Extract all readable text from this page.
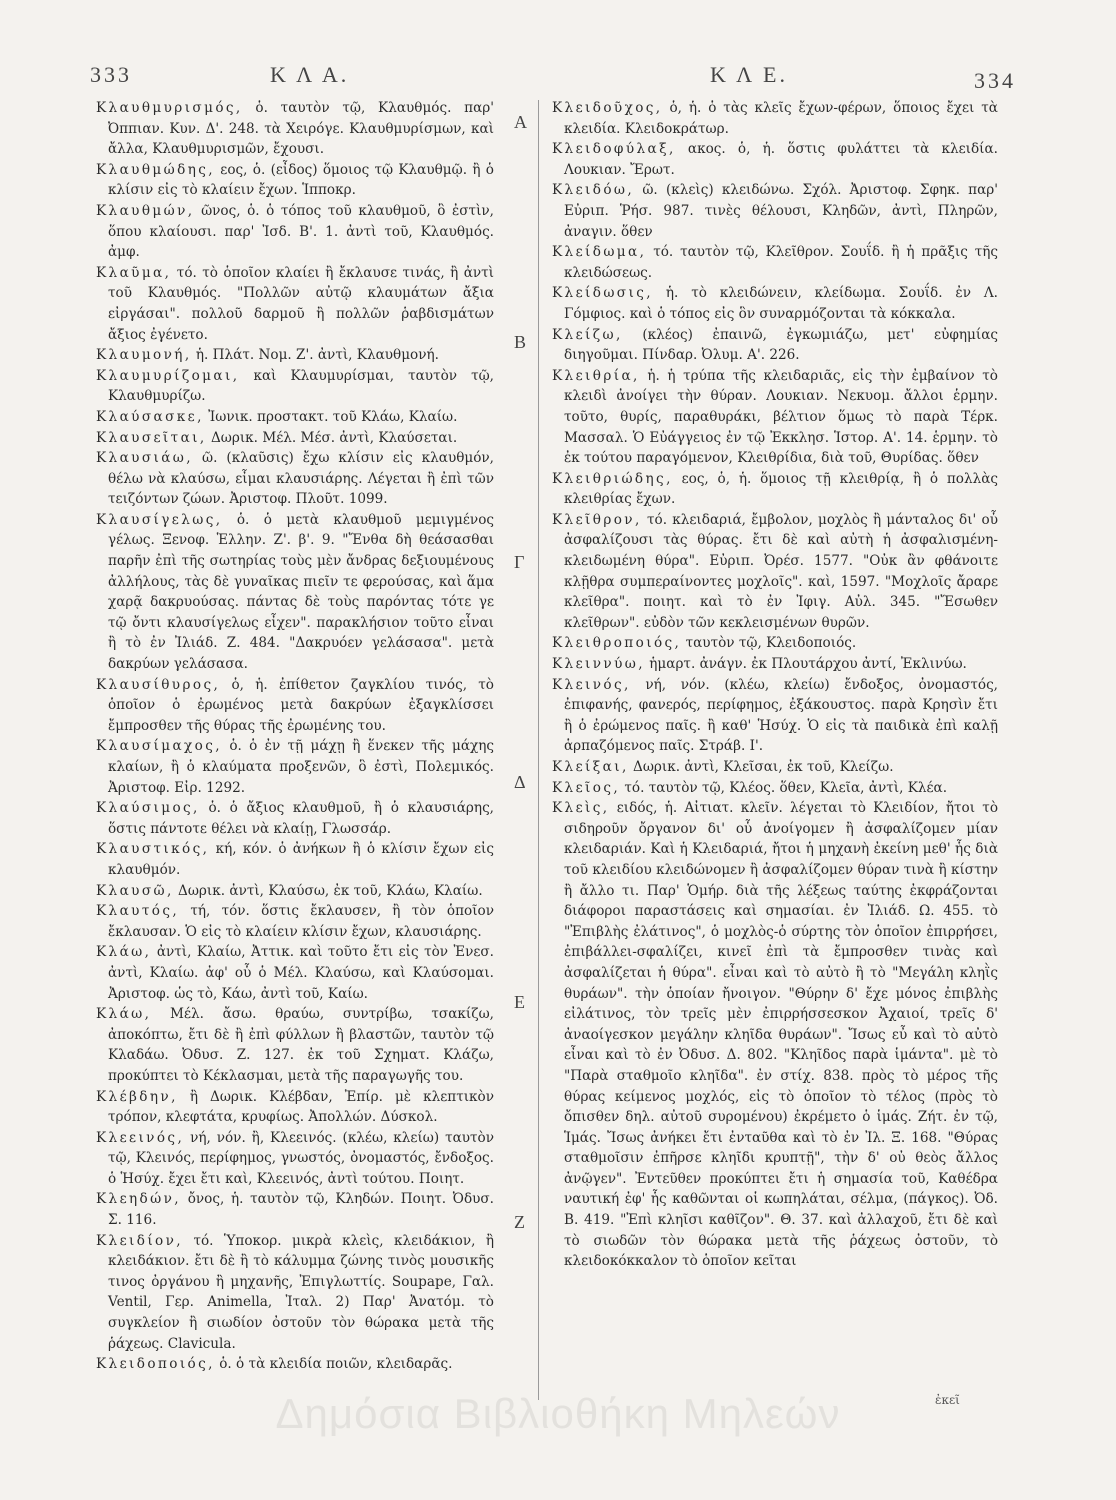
333	Κ Λ Α.	Κ Λ Ε.	334
Κλαυθμυρισμός, ὁ. ταυτὸν τῷ, Κλαυθμός. παρ' Ὀππιαν. Κυν. Δ'. 248. τὰ Χειρόγε. Κλαυθμυρίσμων, καὶ ἄλλα, Κλαυθμυρισμῶν, ἔχουσι.
Κλαυθμώδης, εος, ὁ. (εἶδος) ὅμοιος τῷ Κλαυθμῷ. ἢ ὁ κλίσιν εἰς τὸ κλαίειν ἔχων. Ἱπποκρ.
Κλαυθμών, ῶνος, ὁ. ὁ τόπος τοῦ κλαυθμοῦ, ὃ ἐστὶν, ὅπου κλαίουσι. παρ' Ἰσδ. Β'. 1. ἀντὶ τοῦ, Κλαυθμός. ἀμφ.
Κλαῦμα, τό. τὸ ὁποῖον κλαίει ἢ ἔκλαυσε τινάς, ἢ ἀντὶ τοῦ Κλαυθμός. "Πολλῶν αὐτῷ κλαυμάτων ἄξια εἰργάσαι". πολλοῦ δαρμοῦ ἢ πολλῶν ῥαβδισμάτων ἄξιος ἐγένετο.
Κλαυμονή, ἡ. Πλάτ. Νομ. Ζ'. ἀντὶ, Κλαυθμονή.
Κλαυμυρίζομαι, καὶ Κλαυμυρίσμαι, ταυτὸν τῷ, Κλαυθμυρίζω.
Κλαύσασκε, Ἰωνικ. προστακτ. τοῦ Κλάω, Κλαίω.
Κλαυσεῖται, Δωρικ. Μέλ. Μέσ. ἀντὶ, Κλαύσεται.
Κλαυσιάω, ῶ. (κλαῦσις) ἔχω κλίσιν εἰς κλαυθμόν, θέλω νὰ κλαύσω, εἶμαι κλαυσιάρης. Λέγεται ἢ ἐπὶ τῶν τειζόντων ζώων. Ἀριστοφ. Πλοῦτ. 1099.
Κλαυσίγελως, ὁ. ὁ μετὰ κλαυθμοῦ μεμιγμένος γέλως. Ξενοφ. Ἑλλην. Ζ'. β'. 9. "Ἔνθα δὴ θεάσασθαι παρῆν ἐπὶ τῆς σωτηρίας τοὺς μὲν ἄνδρας δεξιουμένους ἀλλήλους, τὰς δὲ γυναῖκας πιεῖν τε φερούσας, καὶ ἅμα χαρᾷ δακρυούσας. πάντας δὲ τοὺς παρόντας τότε γε τῷ ὄντι κλαυσίγελως εἶχεν". παρακλήσιον τοῦτο εἶναι ἢ τὸ ἐν Ἰλιάδ. Ζ. 484. "Δακρυόεν γελάσασα". μετὰ δακρύων γελάσασα.
Κλαυσίθυρος, ὁ, ἡ. ἐπίθετον ζαγκλίου τινός, τὸ ὁποῖον ὁ ἐρωμένος μετὰ δακρύων ἐξαγκλίσσει ἔμπροσθεν τῆς θύρας τῆς ἐρωμένης του.
Κλαυσίμαχος, ὁ. ὁ ἐν τῇ μάχῃ ἢ ἕνεκεν τῆς μάχης κλαίων, ἢ ὁ κλαύματα προξενῶν, ὃ ἐστὶ, Πολεμικός. Ἀριστοφ. Εἰρ. 1292.
Κλαύσιμος, ὁ. ὁ ἄξιος κλαυθμοῦ, ἢ ὁ κλαυσιάρης, ὅστις πάντοτε θέλει νὰ κλαίῃ, Γλωσσάρ.
Κλαυστικός, κή, κόν. ὁ ἀνήκων ἢ ὁ κλίσιν ἔχων εἰς κλαυθμόν.
Κλαυσῶ, Δωρικ. ἀντὶ, Κλαύσω, ἐκ τοῦ, Κλάω, Κλαίω.
Κλαυτός, τή, τόν. ὅστις ἔκλαυσεν, ἢ τὸν ὁποῖον ἔκλαυσαν. Ὁ εἰς τὸ κλαίειν κλίσιν ἔχων, κλαυσιάρης.
Κλάω, ἀντὶ, Κλαίω, Ἀττικ. καὶ τοῦτο ἔτι εἰς τὸν Ἐνεσ. ἀντὶ, Κλαίω. ἀφ' οὗ ὁ Μέλ. Κλαύσω, καὶ Κλαύσομαι. Ἀριστοφ. ὡς τὸ, Κάω, ἀντὶ τοῦ, Καίω.
Κλάω, Μέλ. ἄσω. θραύω, συντρίβω, τσακίζω, ἀποκόπτω, ἔτι δὲ ἢ ἐπὶ φύλλων ἢ βλαστῶν, ταυτὸν τῷ Κλαδάω. Ὀδυσ. Ζ. 127. ἐκ τοῦ Σχηματ. Κλάζω, προκύπτει τὸ Κέκλασμαι, μετὰ τῆς παραγωγῆς του.
Κλέβδην, ἢ Δωρικ. Κλέβδαν, Ἐπίρ. μὲ κλεπτικὸν τρόπον, κλεφτάτα, κρυφίως. Ἀπολλών. Δύσκολ.
Κλεεινός, νή, νόν. ἢ, Κλεεινός. (κλέω, κλείω) ταυτὸν τῷ, Κλεινός, περίφημος, γνωστός, ὀνομαστός, ἔνδοξος. ὁ Ἡσύχ. ἔχει ἔτι καὶ, Κλεεινός, ἀντὶ τούτου. Ποιητ.
Κλεηδών, ὄνος, ἡ. ταυτὸν τῷ, Κληδών. Ποιητ. Ὀδυσ. Σ. 116.
Κλειδίον, τό. Ὑποκορ. μικρὰ κλεὶς, κλειδάκιον, ἢ κλειδάκιον. ἔτι δὲ ἢ τὸ κάλυμμα ζώνης τινὸς μουσικῆς τινος ὀργάνου ἢ μηχανῆς, Ἐπιγλωττίς. Soupape, Γαλ. Ventil, Γερ. Animella, Ἰταλ. 2) Παρ' Ἀνατόμ. τὸ συγκλείον ἢ σιωδίον ὀστοῦν τὸν θώρακα μετὰ τῆς ῥάχεως. Clavicula.
Κλειδοποιός, ὁ. ὁ τὰ κλειδία ποιῶν, κλειδαρᾶς.
Α
Β
Γ
Δ
Ε
Ζ
Κλειδοῦχος, ὁ, ἡ. ὁ τὰς κλεῖς ἔχων-φέρων, ὅποιος ἔχει τὰ κλειδία. Κλειδοκράτωρ.
Κλειδοφύλαξ, ακος. ὁ, ἡ. ὅστις φυλάττει τὰ κλειδία. Λουκιαν. Ἔρωτ.
Κλειδόω, ῶ. (κλεὶς) κλειδώνω. Σχόλ. Ἀριστοφ. Σφηκ. παρ' Εὐριπ. Ῥήσ. 987. τινὲς θέλουσι, Κληδῶν, ἀντὶ, Πληρῶν, ἀναγιν. ὅθεν
Κλείδωμα, τό. ταυτὸν τῷ, Κλεῖθρον. Σουΐδ. ἢ ἡ πρᾶξις τῆς κλειδώσεως.
Κλείδωσις, ἡ. τὸ κλειδώνειν, κλείδωμα. Σουΐδ. ἐν Λ. Γόμφιος. καὶ ὁ τόπος εἰς ὃν συναρμόζονται τὰ κόκκαλα.
Κλείζω, (κλέος) ἐπαινῶ, ἐγκωμιάζω, μετ' εὐφημίας διηγοῦμαι. Πίνδαρ. Ὀλυμ. Α'. 226.
Κλειθρία, ἡ. ἡ τρύπα τῆς κλειδαριᾶς, εἰς τὴν ἐμβαίνον τὸ κλειδὶ ἀνοίγει τὴν θύραν. Λουκιαν. Νεκυομ. ἄλλοι ἑρμην. τοῦτο, θυρίς, παραθυράκι, βέλτιον ὅμως τὸ παρὰ Τέρκ. Μασσαλ. Ὁ Εὐάγγειος ἐν τῷ Ἐκκλησ. Ἱστορ. Α'. 14. ἑρμην. τὸ ἐκ τούτου παραγόμενον, Κλειθρίδια, διὰ τοῦ, Θυρίδας. ὅθεν
Κλειθριώδης, εος, ὁ, ἡ. ὅμοιος τῇ κλειθρίᾳ, ἢ ὁ πολλὰς κλειθρίας ἔχων.
Κλεῖθρον, τό. κλειδαριά, ἔμβολον, μοχλὸς ἢ μάνταλος δι' οὗ ἀσφαλίζουσι τὰς θύρας. ἔτι δὲ καὶ αὐτὴ ἡ ἀσφαλισμένη-κλειδωμένη θύρα". Εὐριπ. Ὀρέσ. 1577. "Οὐκ ἂν φθάνοιτε κλῇθρα συμπεραίνοντες μοχλοῖς". καὶ, 1597. "Μοχλοῖς ἄραρε κλεῖθρα". ποιητ. καὶ τὸ ἐν Ἰφιγ. Αὐλ. 345. "Ἔσωθεν κλεῖθρων". εὐδὸν τῶν κεκλεισμένων θυρῶν.
Κλειθροποιός, ταυτὸν τῷ, Κλειδοποιός.
Κλειννύω, ἡμαρτ. ἀνάγν. ἐκ Πλουτάρχου ἀντί, Ἐκλινύω.
Κλεινός, νή, νόν. (κλέω, κλείω) ἔνδοξος, ὀνομαστός, ἐπιφανής, φανερός, περίφημος, ἐξάκουστος. παρὰ Κρησὶν ἔτι ἢ ὁ ἐρώμενος παῖς. ἢ καθ' Ἡσύχ. Ὁ εἰς τὰ παιδικὰ ἐπὶ καλῇ ἁρπαζόμενος παῖς. Στράβ. Ι'.
Κλείξαι, Δωρικ. ἀντὶ, Κλεῖσαι, ἐκ τοῦ, Κλείζω.
Κλεῖος, τό. ταυτὸν τῷ, Κλέος. ὅθεν, Κλεῖα, ἀντὶ, Κλέα.
Κλεὶς, ειδός, ἡ. Αἰτιατ. κλεῖν. λέγεται τὸ Κλειδίον, ἤτοι τὸ σιδηροῦν ὄργανον δι' οὗ ἀνοίγομεν ἢ ἀσφαλίζομεν μίαν κλειδαριάν. Καὶ ἡ Κλειδαριά, ἤτοι ἡ μηχανὴ ἐκείνη μεθ' ἧς διὰ τοῦ κλειδίου κλειδώνομεν ἢ ἀσφαλίζομεν θύραν τινὰ ἢ κίστην ἢ ἄλλο τι. Παρ' Ὁμήρ. διὰ τῆς λέξεως ταύτης ἐκφράζονται διάφοροι παραστάσεις καὶ σημασίαι. ἐν Ἰλιάδ. Ω. 455. τὸ "Ἐπιβλὴς ἐλάτινος", ὁ μοχλὸς-ὁ σύρτης τὸν ὁποῖον ἐπιρρήσει, ἐπιβάλλει-σφαλίζει, κινεῖ ἐπὶ τὰ ἔμπροσθεν τινὰς καὶ ἀσφαλίζεται ἡ θύρα". εἶναι καὶ τὸ αὐτὸ ἢ τὸ "Μεγάλη κληῒς θυράων". τὴν ὁποίαν ἤνοιγον. "Θύρην δ' ἔχε μόνος ἐπιβλὴς εἰλάτινος, τὸν τρεῖς μὲν ἐπιρρήσσεσκον Ἀχαιοί, τρεῖς δ' ἀναοίγεσκον μεγάλην κληῖδα θυράων". Ἴσως εὖ καὶ τὸ αὐτὸ εἶναι καὶ τὸ ἐν Ὀδυσ. Δ. 802. "Κληῖδος παρὰ ἱμάντα". μὲ τὸ "Παρὰ σταθμοῖο κληῖδα". ἐν στίχ. 838. πρὸς τὸ μέρος τῆς θύρας κείμενος μοχλός, εἰς τὸ ὁποῖον τὸ τέλος (πρὸς τὸ ὄπισθεν δηλ. αὐτοῦ συρομένου) ἐκρέμετο ὁ ἱμάς. Ζήτ. ἐν τῷ, Ἱμάς. Ἴσως ἀνήκει ἔτι ἐνταῦθα καὶ τὸ ἐν Ἰλ. Ξ. 168. "Θύρας σταθμοῖσιν ἐπῆρσε κληῖδι κρυπτῇ", τὴν δ' οὐ θεὸς ἄλλος ἀνῷγεν". Ἐντεῦθεν προκύπτει ἔτι ἡ σημασία τοῦ, Καθέδρα ναυτική ἐφ' ἧς καθῶνται οἱ κωπηλάται, σέλμα, (πάγκος). Ὀδ. Β. 419. "Ἐπὶ κληῖσι καθῖζον". Θ. 37. καὶ ἀλλαχοῦ, ἔτι δὲ καὶ τὸ σιωδῶν τὸν θώρακα μετὰ τῆς ῥάχεως ὀστοῦν, τὸ κλειδοκόκκαλον τὸ ὁποῖον κεῖται
ἐκεῖ
Δημόσια Βιβλιοθήκη Μηλεών
